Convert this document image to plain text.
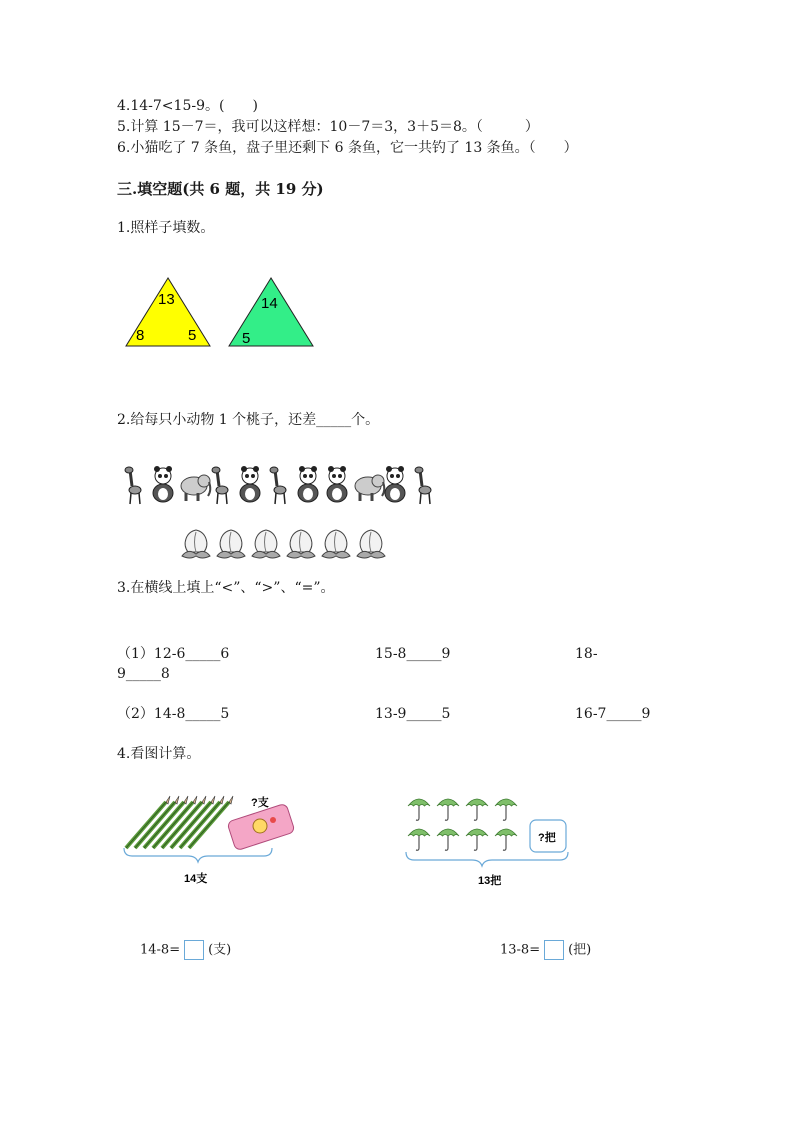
4.14-7<15-9。(　　)
5.计算 15－7＝，我可以这样想：10－7＝3，3＋5＝8。（　　　）
6.小猫吃了 7 条鱼，盘子里还剩下 6 条鱼，它一共钓了 13 条鱼。（　　）
三.填空题(共 6 题，共 19 分)
1.照样子填数。
13
8	5
14
5
2.给每只小动物 1 个桃子，还差_____个。
3.在横线上填上“<”、“>”、“=”。
（1）12-6_____6	15-8_____9	18-
9_____8
（2）14-8_____5	13-9_____5	16-7_____9
4.看图计算。
?支
14支
?把
13把
14-8= (支)	13-8= (把)
